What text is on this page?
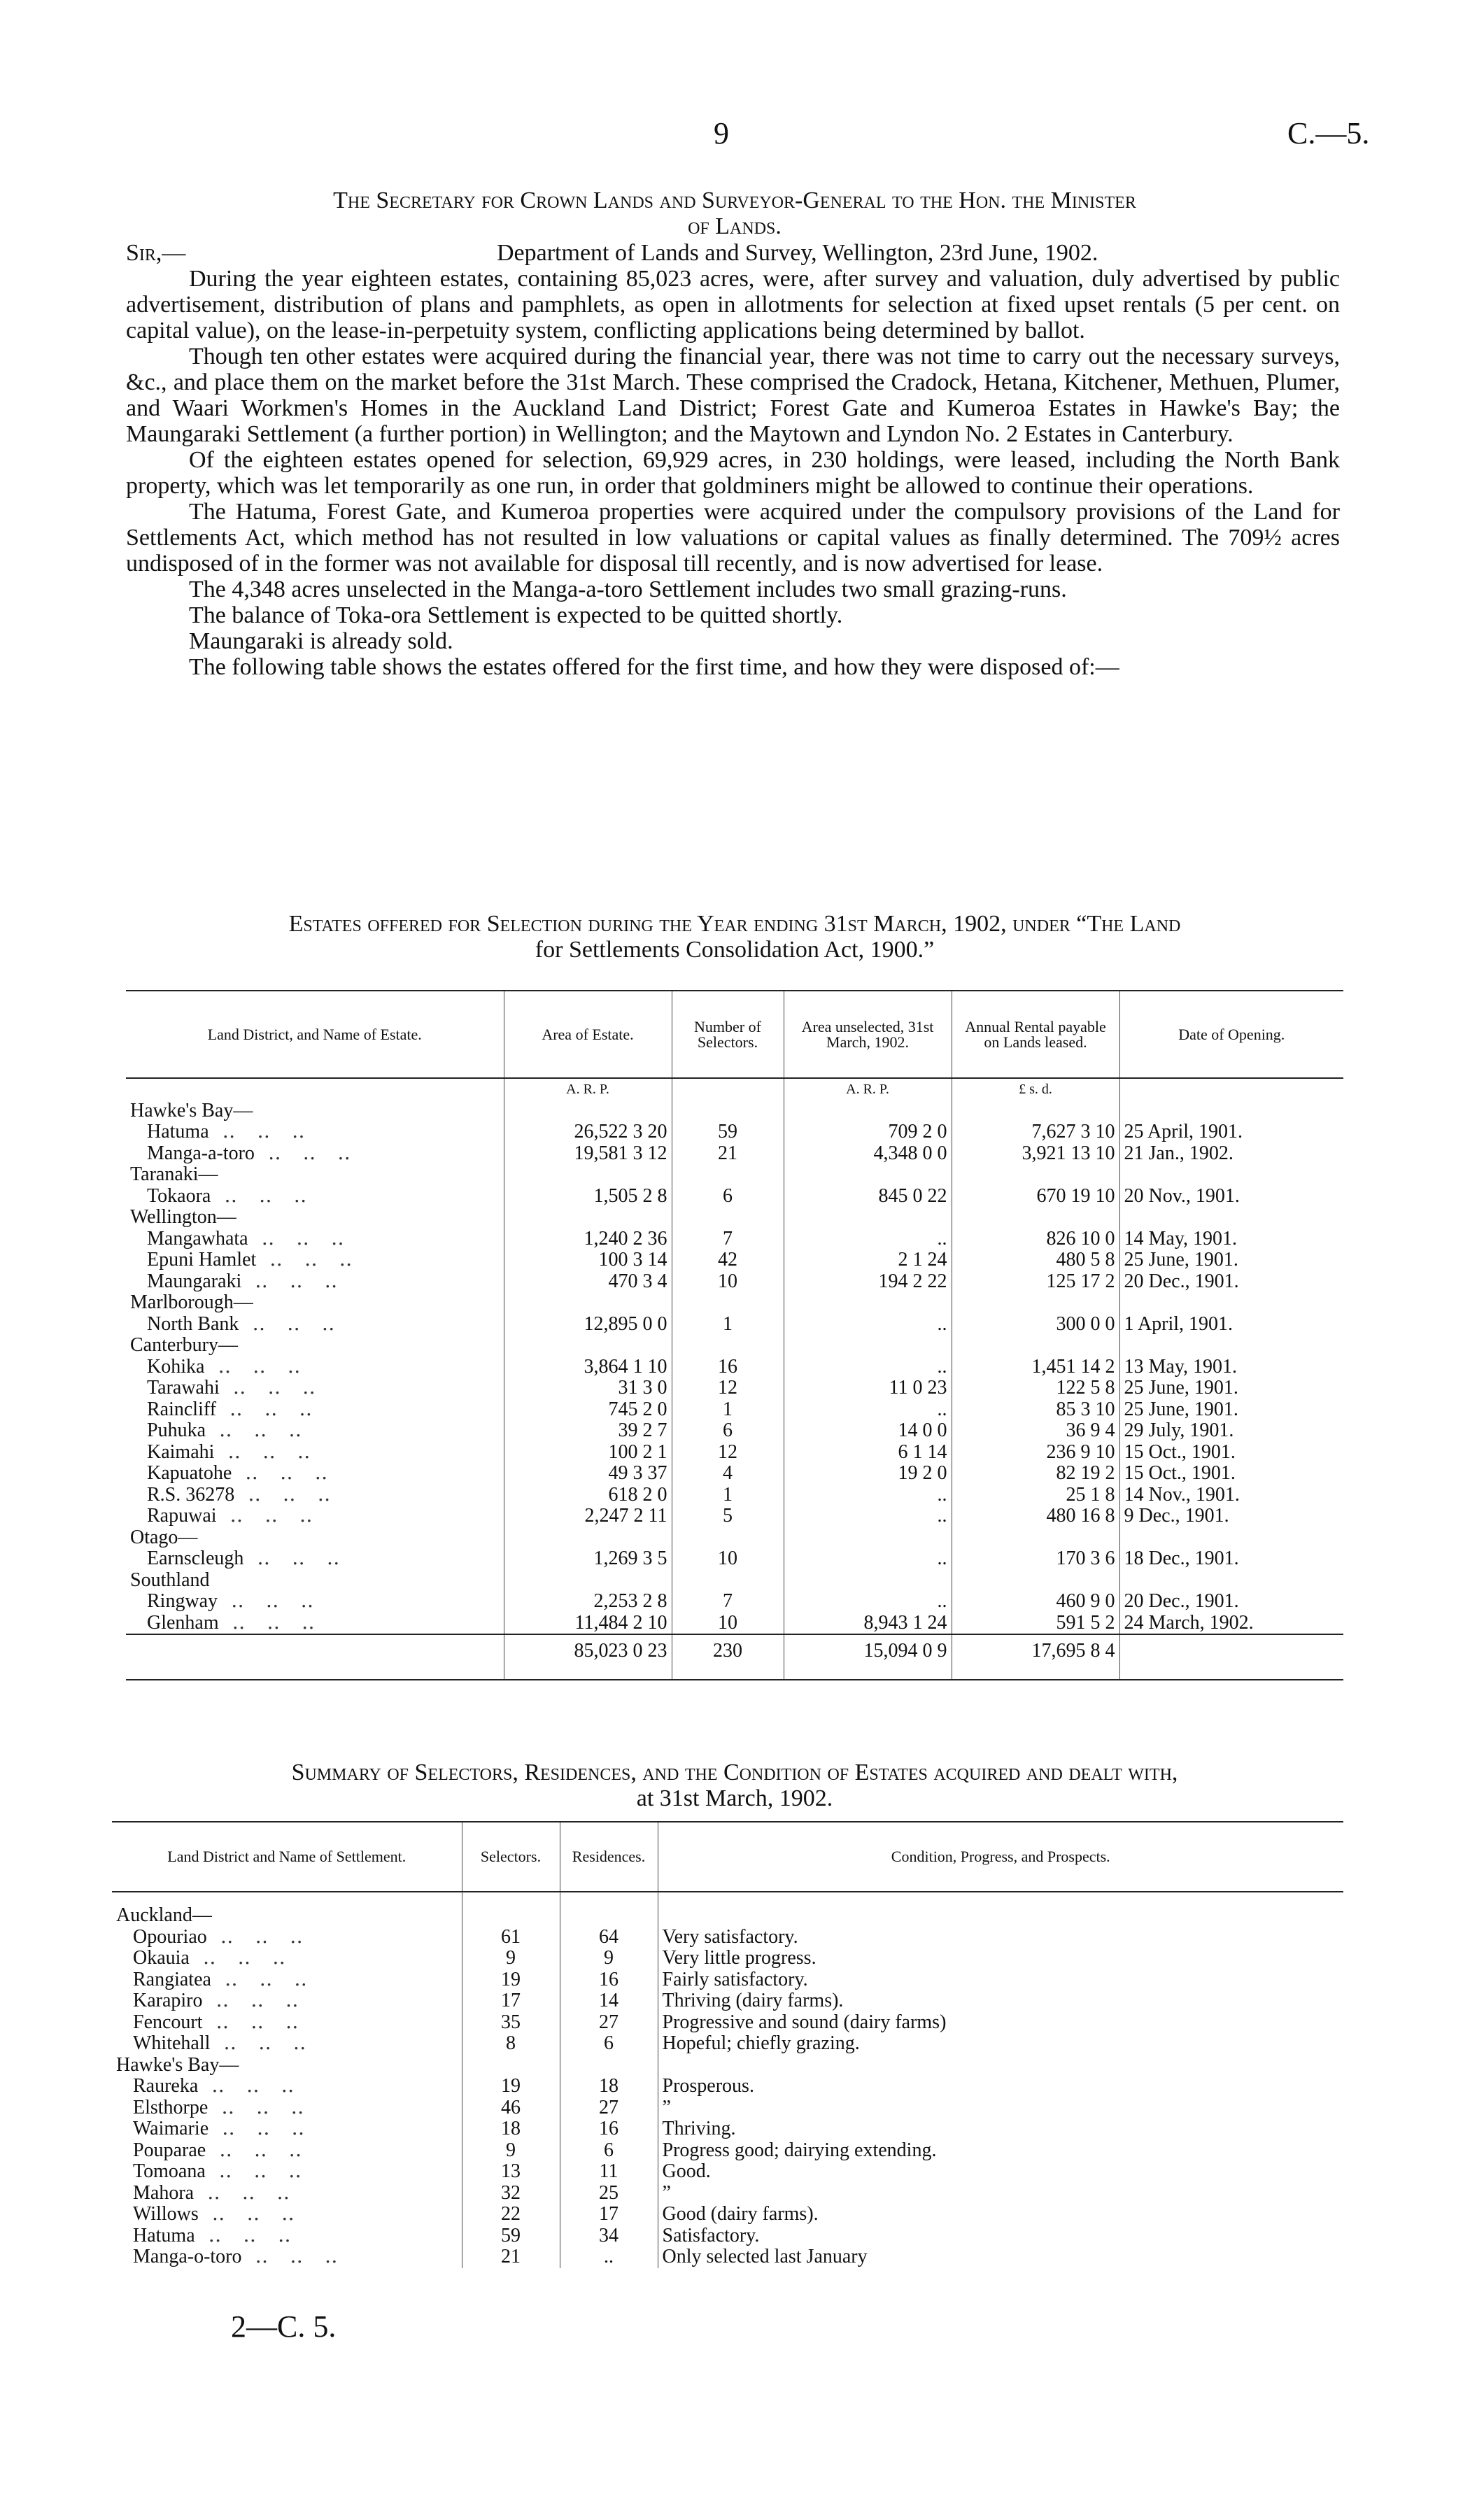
9	C.—5.
The Secretary for Crown Lands and Surveyor-General to the Hon. the Minister
of Lands.

Sir,—	Department of Lands and Survey, Wellington, 23rd June, 1902.

During the year eighteen estates, containing 85,023 acres, were, after survey and valuation, duly advertised by public advertisement, distribution of plans and pamphlets, as open in allotments for selection at fixed upset rentals (5 per cent. on capital value), on the lease-in-perpetuity system, conflicting applications being determined by ballot.

Though ten other estates were acquired during the financial year, there was not time to carry out the necessary surveys, &c., and place them on the market before the 31st March. These comprised the Cradock, Hetana, Kitchener, Methuen, Plumer, and Waari Workmen's Homes in the Auckland Land District; Forest Gate and Kumeroa Estates in Hawke's Bay; the Maungaraki Settlement (a further portion) in Wellington; and the Maytown and Lyndon No. 2 Estates in Canterbury.

Of the eighteen estates opened for selection, 69,929 acres, in 230 holdings, were leased, including the North Bank property, which was let temporarily as one run, in order that goldminers might be allowed to continue their operations.

The Hatuma, Forest Gate, and Kumeroa properties were acquired under the compulsory provisions of the Land for Settlements Act, which method has not resulted in low valuations or capital values as finally determined. The 709½ acres undisposed of in the former was not available for disposal till recently, and is now advertised for lease.

The 4,348 acres unselected in the Manga-a-toro Settlement includes two small grazing-runs.

The balance of Toka-ora Settlement is expected to be quitted shortly.

Maungaraki is already sold.

The following table shows the estates offered for the first time, and how they were disposed of:—

Estates offered for Selection during the Year ending 31st March, 1902, under “The Land
for Settlements Consolidation Act, 1900.”
Land District, and Name of Estate.	Area of Estate.	Number of Selectors.	Area unselected, 31st March, 1902.	Annual Rental payable on Lands leased.	Date of Opening.
	A. R. P.		A. R. P.	£ s. d.	
Hawke's Bay—					
Hatuma ‥ ‥ ‥	26,522 3 20	59	709 2 0	7,627 3 10	25 April, 1901.
Manga-a-toro ‥ ‥ ‥	19,581 3 12	21	4,348 0 0	3,921 13 10	21 Jan., 1902.
Taranaki—					
Tokaora ‥ ‥ ‥	1,505 2 8	6	845 0 22	670 19 10	20 Nov., 1901.
Wellington—					
Mangawhata ‥ ‥ ‥	1,240 2 36	7	..	826 10 0	14 May, 1901.
Epuni Hamlet ‥ ‥ ‥	100 3 14	42	2 1 24	480 5 8	25 June, 1901.
Maungaraki ‥ ‥ ‥	470 3 4	10	194 2 22	125 17 2	20 Dec., 1901.
Marlborough—					
North Bank ‥ ‥ ‥	12,895 0 0	1	..	300 0 0	1 April, 1901.
Canterbury—					
Kohika ‥ ‥ ‥	3,864 1 10	16	..	1,451 14 2	13 May, 1901.
Tarawahi ‥ ‥ ‥	31 3 0	12	11 0 23	122 5 8	25 June, 1901.
Raincliff ‥ ‥ ‥	745 2 0	1	..	85 3 10	25 June, 1901.
Puhuka ‥ ‥ ‥	39 2 7	6	14 0 0	36 9 4	29 July, 1901.
Kaimahi ‥ ‥ ‥	100 2 1	12	6 1 14	236 9 10	15 Oct., 1901.
Kapuatohe ‥ ‥ ‥	49 3 37	4	19 2 0	82 19 2	15 Oct., 1901.
R.S. 36278 ‥ ‥ ‥	618 2 0	1	..	25 1 8	14 Nov., 1901.
Rapuwai ‥ ‥ ‥	2,247 2 11	5	..	480 16 8	9 Dec., 1901.
Otago—					
Earnscleugh ‥ ‥ ‥	1,269 3 5	10	..	170 3 6	18 Dec., 1901.
Southland					
Ringway ‥ ‥ ‥	2,253 2 8	7	..	460 9 0	20 Dec., 1901.
Glenham ‥ ‥ ‥	11,484 2 10	10	8,943 1 24	591 5 2	24 March, 1902.
	85,023 0 23	230	15,094 0 9	17,695 8 4	
Summary of Selectors, Residences, and the Condition of Estates acquired and dealt with,
at 31st March, 1902.
Land District and Name of Settlement.	Selectors.	Residences.	Condition, Progress, and Prospects.
Auckland—			
Opouriao ‥ ‥ ‥	61	64	Very satisfactory.
Okauia ‥ ‥ ‥	9	9	Very little progress.
Rangiatea ‥ ‥ ‥	19	16	Fairly satisfactory.
Karapiro ‥ ‥ ‥	17	14	Thriving (dairy farms).
Fencourt ‥ ‥ ‥	35	27	Progressive and sound (dairy farms)
Whitehall ‥ ‥ ‥	8	6	Hopeful; chiefly grazing.
Hawke's Bay—			
Raureka ‥ ‥ ‥	19	18	Prosperous.
Elsthorpe ‥ ‥ ‥	46	27	”
Waimarie ‥ ‥ ‥	18	16	Thriving.
Pouparae ‥ ‥ ‥	9	6	Progress good; dairying extending.
Tomoana ‥ ‥ ‥	13	11	Good.
Mahora ‥ ‥ ‥	32	25	”
Willows ‥ ‥ ‥	22	17	Good (dairy farms).
Hatuma ‥ ‥ ‥	59	34	Satisfactory.
Manga-o-toro ‥ ‥ ‥	21	..	Only selected last January
2—C. 5.
